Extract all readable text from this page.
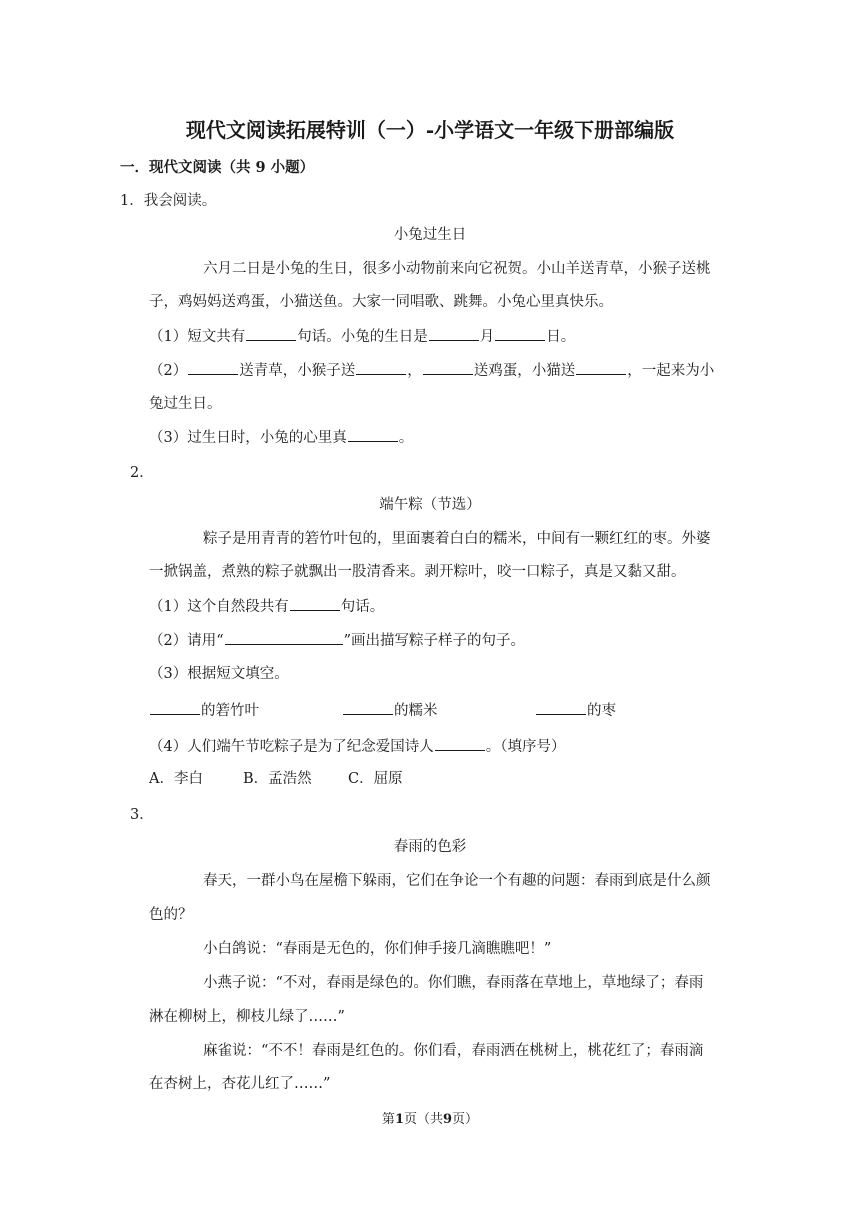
现代文阅读拓展特训（一）-小学语文一年级下册部编版
一．现代文阅读（共 9 小题）
1．我会阅读。
小兔过生日
六月二日是小兔的生日，很多小动物前来向它祝贺。小山羊送青草，小猴子送桃
子，鸡妈妈送鸡蛋，小猫送鱼。大家一同唱歌、跳舞。小兔心里真快乐。
（1）短文共有	句话。小兔的生日是	月	日。
（2）	送青草，小猴子送	，	送鸡蛋，小猫送	，一起来为小
兔过生日。
（3）过生日时，小兔的心里真	。
2．
端午粽（节选）
粽子是用青青的箬竹叶包的，里面裹着白白的糯米，中间有一颗红红的枣。外婆
一掀锅盖，煮熟的粽子就飘出一股清香来。剥开粽叶，咬一口粽子，真是又黏又甜。
（1）这个自然段共有	句话。
（2）请用“	”画出描写粽子样子的句子。
（3）根据短文填空。
的箬竹叶	的糯米	的枣
（4）人们端午节吃粽子是为了纪念爱国诗人	。（填序号）
A．李白	B．孟浩然	C．屈原
3．
春雨的色彩
春天，一群小鸟在屋檐下躲雨，它们在争论一个有趣的问题：春雨到底是什么颜
色的？
小白鸽说：“春雨是无色的，你们伸手接几滴瞧瞧吧！”
小燕子说：“不对，春雨是绿色的。你们瞧，春雨落在草地上，草地绿了；春雨
淋在柳树上，柳枝儿绿了……”
麻雀说：“不不！春雨是红色的。你们看，春雨洒在桃树上，桃花红了；春雨滴
在杏树上，杏花儿红了……”
第1页（共9页）
